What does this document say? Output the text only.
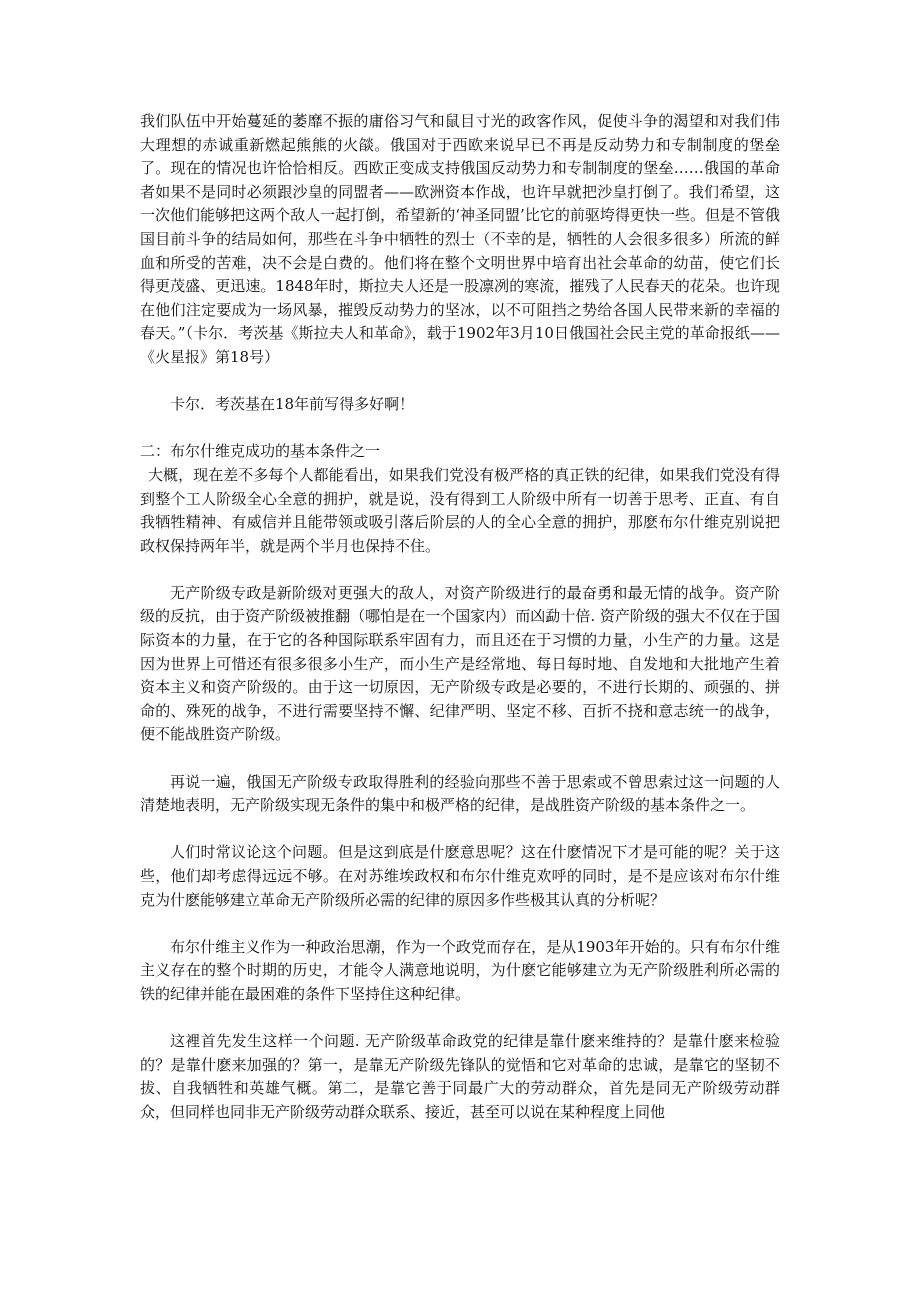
我们队伍中开始蔓延的萎靡不振的庸俗习气和鼠目寸光的政客作风，促使斗争的渴望和对我们伟大理想的赤诚重新燃起熊熊的火燄。俄国对于西欧来说早已不再是反动势力和专制制度的堡垒了。现在的情况也许恰恰相反。西欧正变成支持俄国反动势力和专制制度的堡垒……俄国的革命者如果不是同时必须跟沙皇的同盟者——欧洲资本作战，也许早就把沙皇打倒了。我们希望，这一次他们能够把这两个敌人一起打倒，希望新的‘神圣同盟’比它的前驱垮得更快一些。但是不管俄国目前斗争的结局如何，那些在斗争中牺牲的烈士（不幸的是，牺牲的人会很多很多）所流的鲜血和所受的苦难，决不会是白费的。他们将在整个文明世界中培育出社会革命的幼苗，使它们长得更茂盛、更迅速。1848年时，斯拉夫人还是一股凛冽的寒流，摧残了人民春天的花朵。也许现在他们注定要成为一场风暴，摧毁反动势力的坚冰，以不可阻挡之势给各国人民带来新的幸福的春天。”（卡尔．考茨基《斯拉夫人和革命》，载于1902年3月10日俄国社会民主党的革命报纸——《火星报》第18号）

卡尔．考茨基在18年前写得多好啊！

二：布尔什维克成功的基本条件之一

大概，现在差不多每个人都能看出，如果我们党没有极严格的真正铁的纪律，如果我们党没有得到整个工人阶级全心全意的拥护，就是说，没有得到工人阶级中所有一切善于思考、正直、有自我牺牲精神、有威信并且能带领或吸引落后阶层的人的全心全意的拥护，那麽布尔什维克别说把政权保持两年半，就是两个半月也保持不住。

无产阶级专政是新阶级对更强大的敌人，对资产阶级进行的最奋勇和最无情的战争。资产阶级的反抗，由于资产阶级被推翻（哪怕是在一个国家内）而凶勐十倍. 资产阶级的强大不仅在于国际资本的力量，在于它的各种国际联系牢固有力，而且还在于习惯的力量，小生产的力量。这是因为世界上可惜还有很多很多小生产，而小生产是经常地、每日每时地、自发地和大批地产生着资本主义和资产阶级的。由于这一切原因，无产阶级专政是必要的，不进行长期的、顽强的、拼命的、殊死的战争，不进行需要坚持不懈、纪律严明、坚定不移、百折不挠和意志统一的战争，便不能战胜资产阶级。

再说一遍，俄国无产阶级专政取得胜利的经验向那些不善于思索或不曾思索过这一问题的人清楚地表明，无产阶级实现无条件的集中和极严格的纪律，是战胜资产阶级的基本条件之一。

人们时常议论这个问题。但是这到底是什麽意思呢？这在什麽情况下才是可能的呢？关于这些，他们却考虑得远远不够。在对苏维埃政权和布尔什维克欢呼的同时，是不是应该对布尔什维克为什麽能够建立革命无产阶级所必需的纪律的原因多作些极其认真的分析呢？

布尔什维主义作为一种政治思潮，作为一个政党而存在，是从1903年开始的。只有布尔什维主义存在的整个时期的历史，才能令人满意地说明，为什麽它能够建立为无产阶级胜利所必需的铁的纪律并能在最困难的条件下坚持住这种纪律。

这裡首先发生这样一个问题. 无产阶级革命政党的纪律是靠什麽来维持的？是靠什麽来检验的？是靠什麽来加强的？第一，是靠无产阶级先锋队的觉悟和它对革命的忠诚，是靠它的坚韧不拔、自我牺牲和英雄气概。第二，是靠它善于同最广大的劳动群众，首先是同无产阶级劳动群众，但同样也同非无产阶级劳动群众联系、接近，甚至可以说在某种程度上同他
